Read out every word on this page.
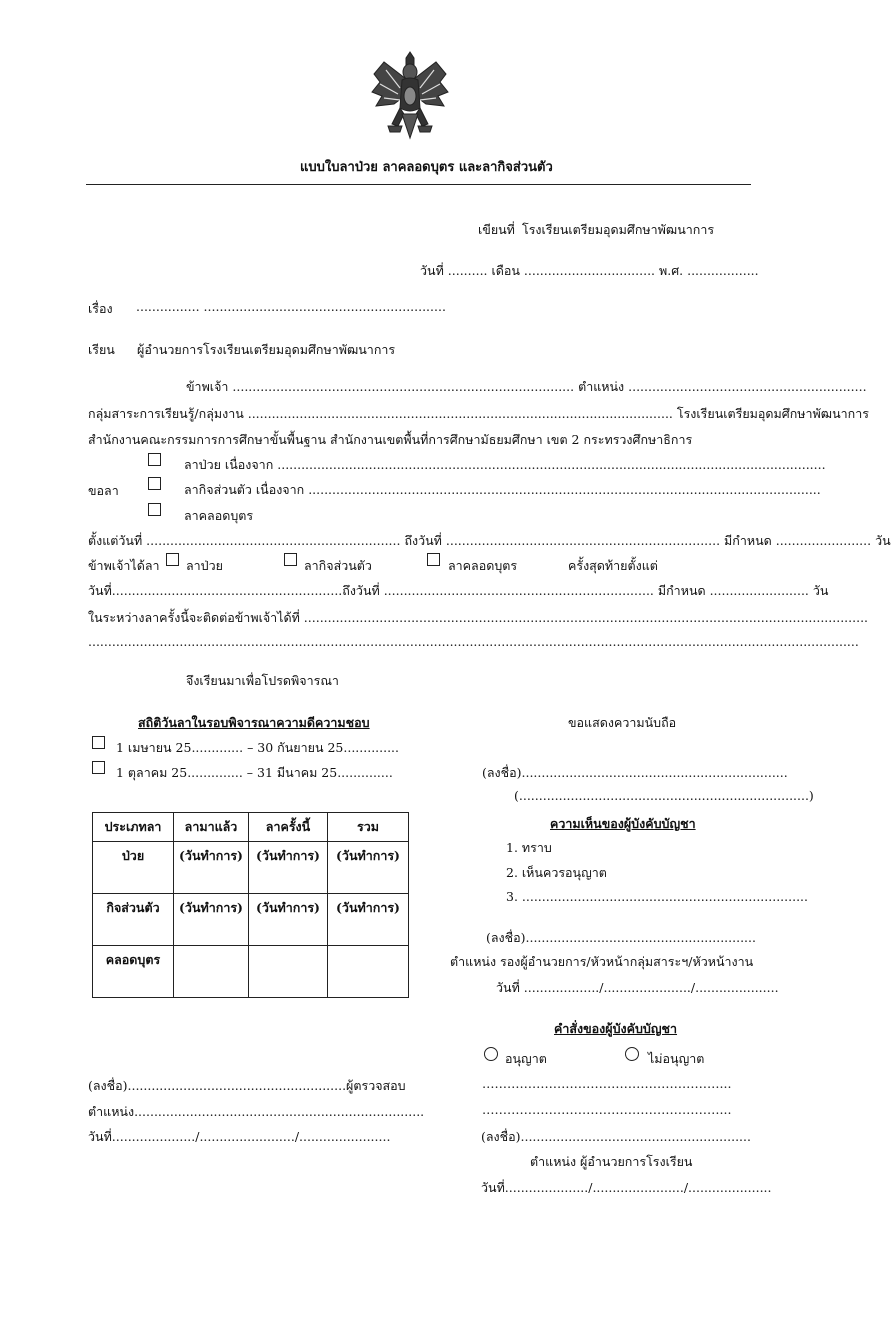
แบบใบลาป่วย ลาคลอดบุตร และลากิจส่วนตัว
เขียนที่ โรงเรียนเตรียมอุดมศึกษาพัฒนาการ
วันที่ .......... เดือน ................................. พ.ศ. ..................
เรื่อง ................ .............................................................
เรียน ผู้อำนวยการโรงเรียนเตรียมอุดมศึกษาพัฒนาการ
ข้าพเจ้า ...................................................................................... ตำแหน่ง ............................................................
กลุ่มสาระการเรียนรู้/กลุ่มงาน ........................................................................................................... โรงเรียนเตรียมอุดมศึกษาพัฒนาการ
สำนักงานคณะกรรมการการศึกษาขั้นพื้นฐาน สำนักงานเขตพื้นที่การศึกษามัธยมศึกษา เขต 2 กระทรวงศึกษาธิการ
ลาป่วย เนื่องจาก ..........................................................................................................................................
ขอลา	ลากิจส่วนตัว เนื่องจาก .................................................................................................................................
ลาคลอดบุตร
ตั้งแต่วันที่ ................................................................ ถึงวันที่ ..................................................................... มีกำหนด ........................ วัน
ข้าพเจ้าได้ลา ลาป่วย	ลากิจส่วนตัว	ลาคลอดบุตร	ครั้งสุดท้ายตั้งแต่
วันที่..........................................................ถึงวันที่ .................................................................... มีกำหนด ......................... วัน
ในระหว่างลาครั้งนี้จะติดต่อข้าพเจ้าได้ที่ ..............................................................................................................................................
..................................................................................................................................................................................................
จึงเรียนมาเพื่อโปรดพิจารณา
สถิติวันลาในรอบพิจารณาความดีความชอบ
1 เมษายน 25............. – 30 กันยายน 25..............
1 ตุลาคม 25.............. – 31 มีนาคม 25..............
ประเภทลา	ลามาแล้ว	ลาครั้งนี้	รวม
ป่วย	(วันทำการ)	(วันทำการ)	(วันทำการ)
กิจส่วนตัว	(วันทำการ)	(วันทำการ)	(วันทำการ)
คลอดบุตร			
ขอแสดงความนับถือ
(ลงชื่อ)...................................................................
(.........................................................................)
ความเห็นของผู้บังคับบัญชา
1. ทราบ
2. เห็นควรอนุญาต
3. ........................................................................
(ลงชื่อ)..........................................................
ตำแหน่ง รองผู้อำนวยการ/หัวหน้ากลุ่มสาระฯ/หัวหน้างาน
วันที่ .................../....................../.....................
คำสั่งของผู้บังคับบัญชา
อนุญาต	ไม่อนุญาต
…………………………………………………...
…………………………………………………...
(ลงชื่อ)..........................................................
ตำแหน่ง ผู้อำนวยการโรงเรียน
วันที่...................../......................./.....................
(ลงชื่อ).......................................................ผู้ตรวจสอบ
ตำแหน่ง.........................................................................
วันที่...................../......................../.......................
